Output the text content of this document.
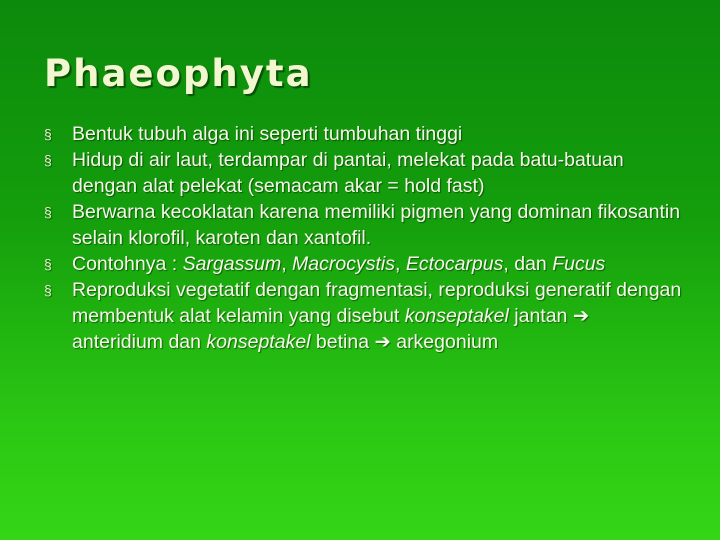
Phaeophyta
§ Bentuk tubuh alga ini seperti tumbuhan tinggi
§ Hidup di air laut, terdampar di pantai, melekat pada batu-batuan dengan alat pelekat (semacam akar = hold fast)
§ Berwarna kecoklatan karena memiliki pigmen yang dominan fikosantin selain klorofil, karoten dan xantofil.
§ Contohnya : Sargassum, Macrocystis, Ectocarpus, dan Fucus
§ Reproduksi vegetatif dengan fragmentasi, reproduksi generatif dengan membentuk alat kelamin yang disebut konseptakel jantan ➔ anteridium dan konseptakel betina ➔ arkegonium
